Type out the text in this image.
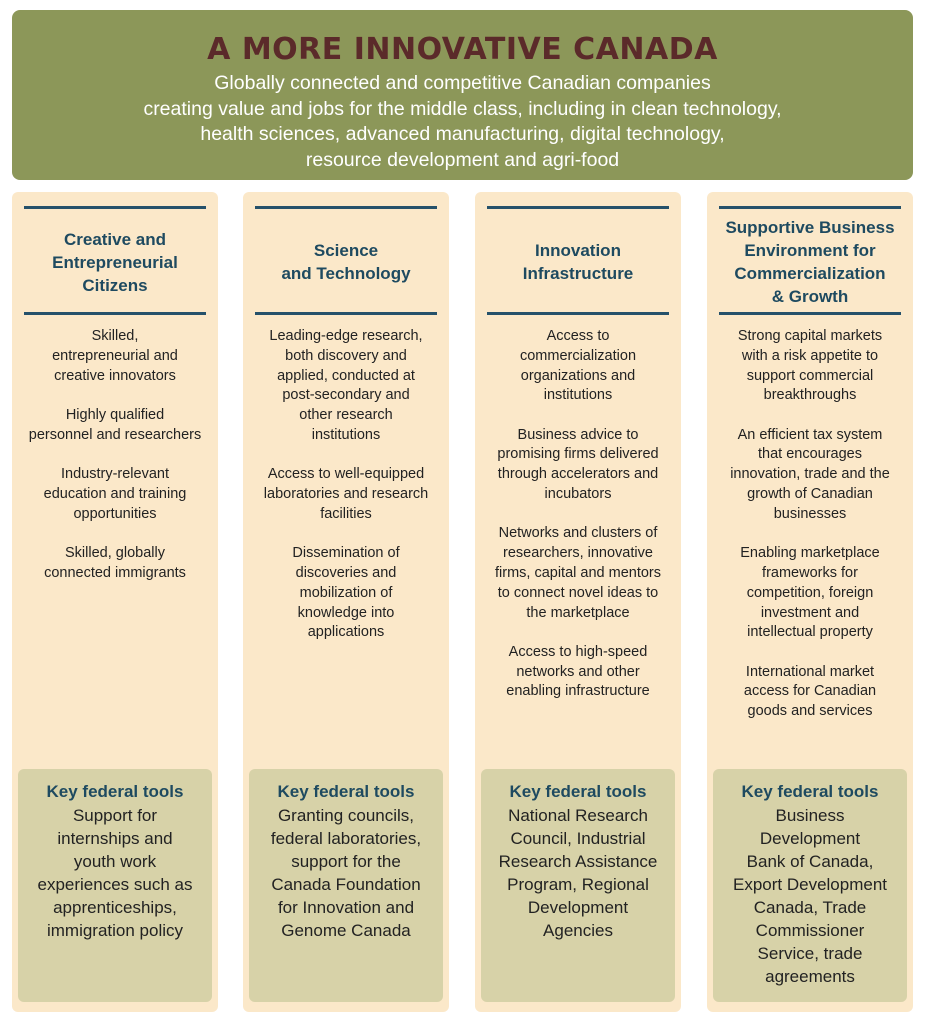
A MORE INNOVATIVE CANADA
Globally connected and competitive Canadian companies
creating value and jobs for the middle class, including in clean technology,
health sciences, advanced manufacturing, digital technology,
resource development and agri-food
Creative and
Entrepreneurial
Citizens
Skilled,
entrepreneurial and
creative innovators
Highly qualified
personnel and researchers
Industry-relevant
education and training
opportunities
Skilled, globally
connected immigrants
Key federal tools
Support for
internships and
youth work
experiences such as
apprenticeships,
immigration policy
Science
and Technology
Leading-edge research,
both discovery and
applied, conducted at
post-secondary and
other research
institutions
Access to well-equipped
laboratories and research
facilities
Dissemination of
discoveries and
mobilization of
knowledge into
applications
Key federal tools
Granting councils,
federal laboratories,
support for the
Canada Foundation
for Innovation and
Genome Canada
Innovation
Infrastructure
Access to
commercialization
organizations and
institutions
Business advice to
promising firms delivered
through accelerators and
incubators
Networks and clusters of
researchers, innovative
firms, capital and mentors
to connect novel ideas to
the marketplace
Access to high-speed
networks and other
enabling infrastructure
Key federal tools
National Research
Council, Industrial
Research Assistance
Program, Regional
Development
Agencies
Supportive Business
Environment for
Commercialization
& Growth
Strong capital markets
with a risk appetite to
support commercial
breakthroughs
An efficient tax system
that encourages
innovation, trade and the
growth of Canadian
businesses
Enabling marketplace
frameworks for
competition, foreign
investment and
intellectual property
International market
access for Canadian
goods and services
Key federal tools
Business
Development
Bank of Canada,
Export Development
Canada, Trade
Commissioner
Service, trade
agreements
